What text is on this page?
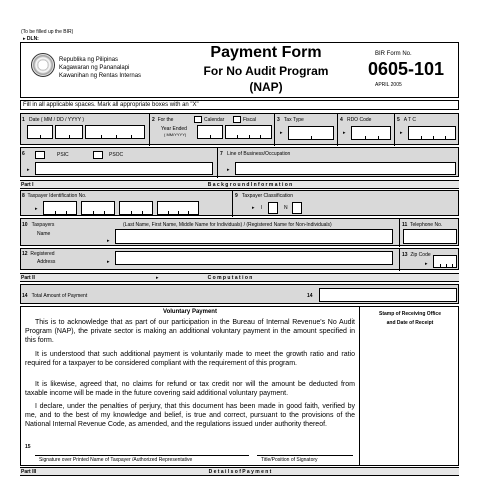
(To be filled up the BIR)
▸ DLN:
Republika ng Pilipinas
Kagawaran ng Pananalapi
Kawanihan ng Rentas Internas
Payment Form
For No Audit Program
(NAP)
BIR Form No.
0605-101
APRIL 2005
Fill in all applicable spaces. Mark all appropriate boxes with an "X"
1 Date ( MM / DD / YYYY )	2 For the	Calendar	Fiscal
Year Ended
( MM/YYYY)
3 Tax Type
▸
4 RDO Code
▸
5 A T C
▸
6	PSIC	PSOC
▸
7 Line of Business/Occupation
▸
Part I	B a c k g r o u n d I n f o r m a t i o n
8 Taxpayer Identification No.
▸
9 Taxpayer Classification
▸ I	N
10 Taxpayers
Name
(Last Name, First Name, Middle Name for Individuals) / (Registered Name for Non-Individuals)
▸
11 Telephone No.
12 Registered
Address	▸
13 Zip Code
▸
Part II	▸	C o m p u t a t i o n
14 Total Amount of Payment	14
Voluntary Payment
This is to acknowledge that as part of our participation in the Bureau of Internal Revenue's No Audit Program (NAP), the private sector is making an additional voluntary payment in the amount specified in this form.
It is understood that such additional payment is voluntarily made to meet the growth ratio and ratio required for a taxpayer to be considered compliant with the requirement of this program.
It is likewise, agreed that, no claims for refund or tax credit nor will the amount be deducted from taxable income will be made in the future covering said additional voluntary payment.
I declare, under the penalties of perjury, that this document has been made in good faith, verified by me, and to the best of my knowledge and belief, is true and correct, pursuant to the provisions of the National Internal Revenue Code, as amended, and the regulations issued under authority thereof.
15
Signature over Printed Name of Taxpayer /Authorized Representative	Title/Position of Signatory
Stamp of Receiving Office
and Date of Receipt
Part III	D e t a i l s o f P a y m e n t
